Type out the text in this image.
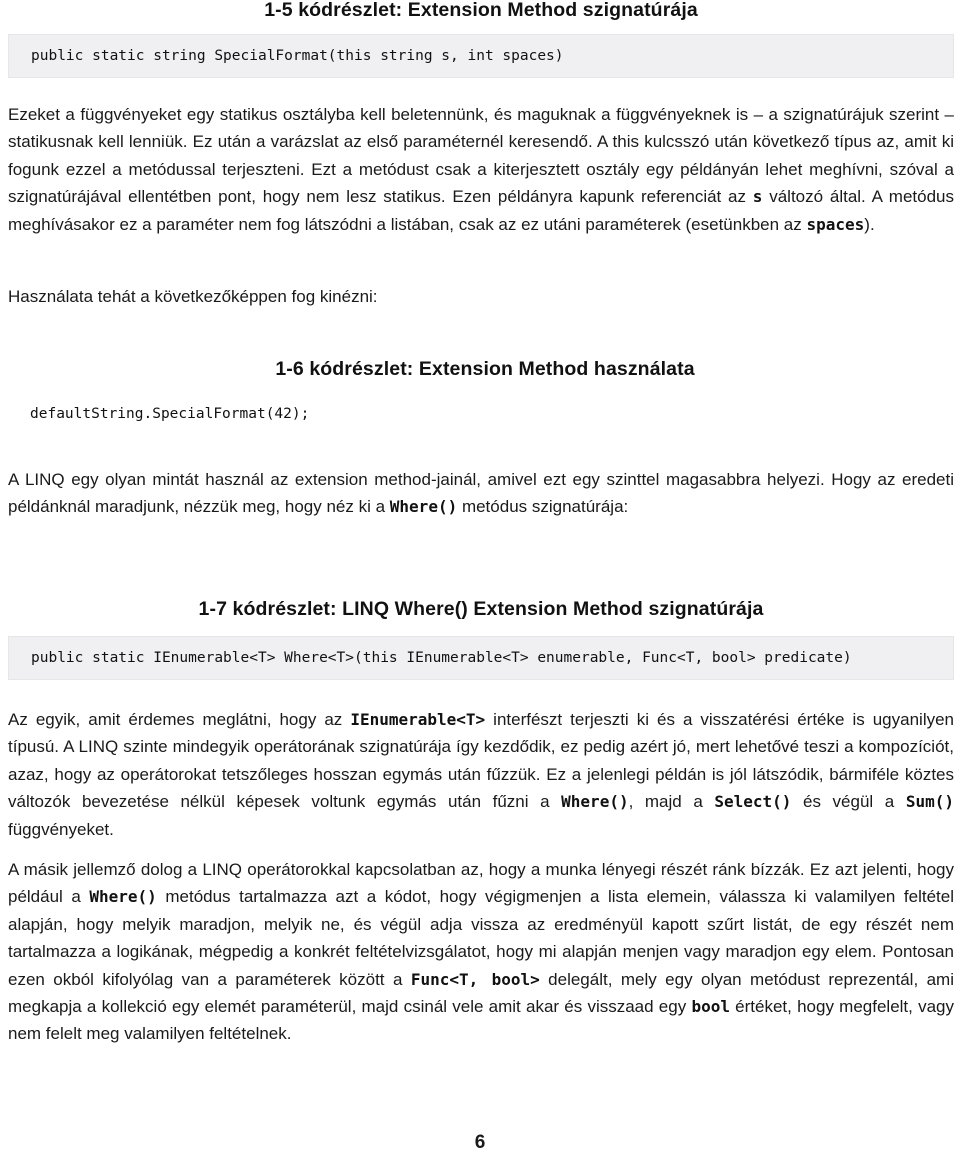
1-5 kódrészlet: Extension Method szignatúrája
public static string SpecialFormat(this string s, int spaces)

Ezeket a függvényeket egy statikus osztályba kell beletennünk, és maguknak a függvényeknek is – a szignatúrájuk szerint – statikusnak kell lenniük. Ez után a varázslat az első paraméternél keresendő. A this kulcsszó után következő típus az, amit ki fogunk ezzel a metódussal terjeszteni. Ezt a metódust csak a kiterjesztett osztály egy példányán lehet meghívni, szóval a szignatúrájával ellentétben pont, hogy nem lesz statikus. Ezen példányra kapunk referenciát az s változó által. A metódus meghívásakor ez a paraméter nem fog látszódni a listában, csak az ez utáni paraméterek (esetünkben az spaces).

Használata tehát a következőképpen fog kinézni:

1-6 kódrészlet: Extension Method használata
defaultString.SpecialFormat(42);

A LINQ egy olyan mintát használ az extension method-jainál, amivel ezt egy szinttel magasabbra helyezi. Hogy az eredeti példánknál maradjunk, nézzük meg, hogy néz ki a Where() metódus szignatúrája:

1-7 kódrészlet: LINQ Where() Extension Method szignatúrája
public static IEnumerable<T> Where<T>(this IEnumerable<T> enumerable, Func<T, bool> predicate)

Az egyik, amit érdemes meglátni, hogy az IEnumerable<T> interfészt terjeszti ki és a visszatérési értéke is ugyanilyen típusú. A LINQ szinte mindegyik operátorának szignatúrája így kezdődik, ez pedig azért jó, mert lehetővé teszi a kompozíciót, azaz, hogy az operátorokat tetszőleges hosszan egymás után fűzzük. Ez a jelenlegi példán is jól látszódik, bármiféle köztes változók bevezetése nélkül képesek voltunk egymás után fűzni a Where(), majd a Select() és végül a Sum() függvényeket.

A másik jellemző dolog a LINQ operátorokkal kapcsolatban az, hogy a munka lényegi részét ránk bízzák. Ez azt jelenti, hogy például a Where() metódus tartalmazza azt a kódot, hogy végigmenjen a lista elemein, válassza ki valamilyen feltétel alapján, hogy melyik maradjon, melyik ne, és végül adja vissza az eredményül kapott szűrt listát, de egy részét nem tartalmazza a logikának, mégpedig a konkrét feltételvizsgálatot, hogy mi alapján menjen vagy maradjon egy elem. Pontosan ezen okból kifolyólag van a paraméterek között a Func<T, bool> delegált, mely egy olyan metódust reprezentál, ami megkapja a kollekció egy elemét paraméterül, majd csinál vele amit akar és visszaad egy bool értéket, hogy megfelelt, vagy nem felelt meg valamilyen feltételnek.

6
